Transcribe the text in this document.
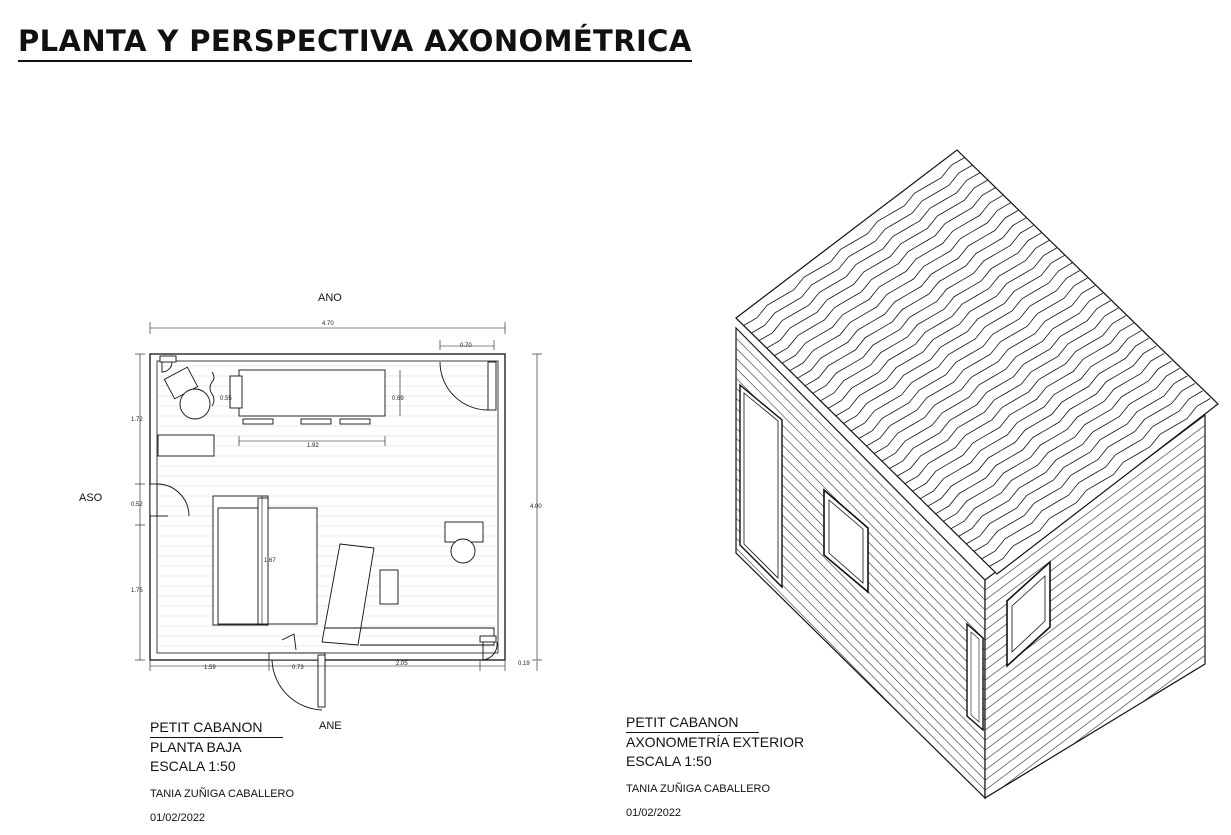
PLANTA Y PERSPECTIVA AXONOMÉTRICA
4.70
0.70
1.72
0.52
1.75
4.00
1.59	0.73
2.05	0.19
0.55	0.69
1.92
1.67
ANO
ASO
ANE
PETIT CABANON
PLANTA BAJA
ESCALA 1:50
TANIA ZUÑIGA CABALLERO
01/02/2022
PETIT CABANON
AXONOMETRÍA EXTERIOR
ESCALA 1:50
TANIA ZUÑIGA CABALLERO
01/02/2022
